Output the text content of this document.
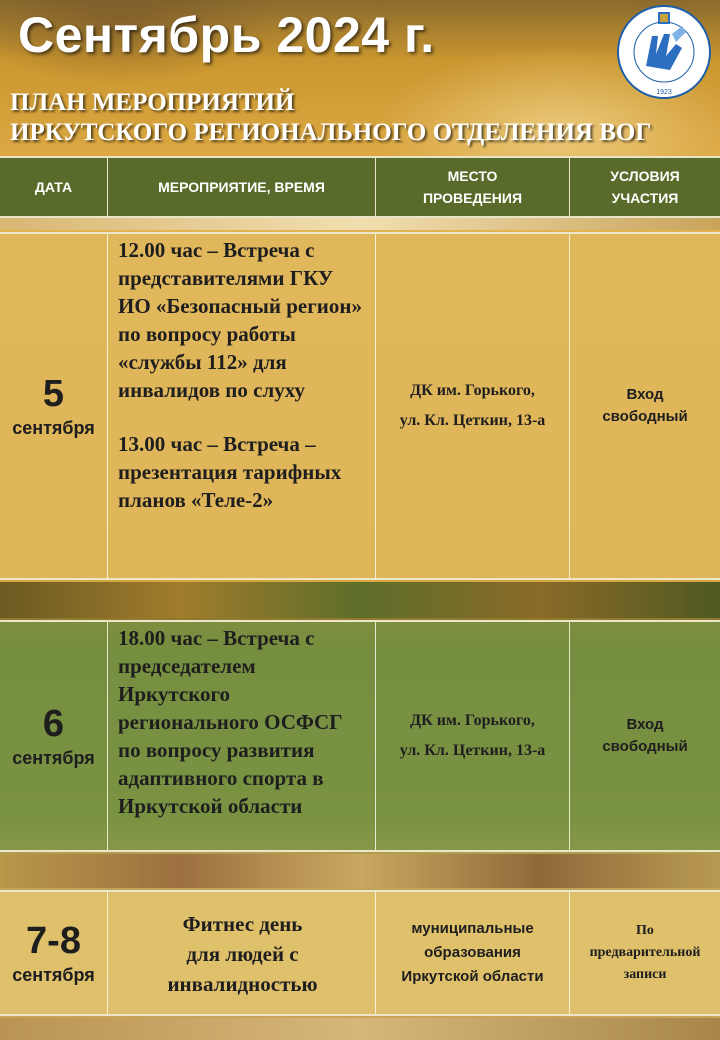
Сентябрь 2024 г.
ПЛАН МЕРОПРИЯТИЙ
ИРКУТСКОГО РЕГИОНАЛЬНОГО ОТДЕЛЕНИЯ ВОГ
1923
ДАТА	МЕРОПРИЯТИЕ, ВРЕМЯ
МЕСТО
ПРОВЕДЕНИЯ
УСЛОВИЯ
УЧАСТИЯ
5
сентября

12.00 час – Встреча с представителями ГКУ ИО «Безопасный регион» по вопросу работы «службы 112» для инвалидов по слуху

13.00 час – Встреча – презентация тарифных планов «Теле-2»

ДК им. Горького,
ул. Кл. Цеткин, 13-а
Вход
свободный
6
сентября

18.00 час – Встреча с председателем Иркутского регионального ОСФСГ по вопросу развития адаптивного спорта в Иркутской области

ДК им. Горького,
ул. Кл. Цеткин, 13-а
Вход
свободный
7-8
сентября
Фитнес день
для людей с
инвалидностью
муниципальные
образования
Иркутской области
По
предварительной
записи
